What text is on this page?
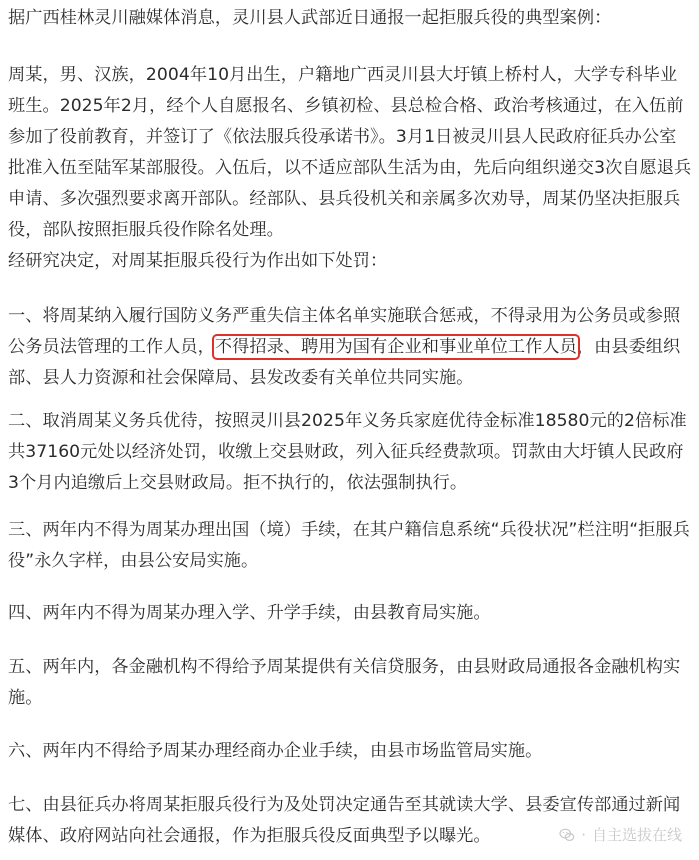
据广西桂林灵川融媒体消息，灵川县人武部近日通报一起拒服兵役的典型案例：

周某，男、汉族，2004年10月出生，户籍地广西灵川县大圩镇上桥村人，大学专科毕业班生。2025年2月，经个人自愿报名、乡镇初检、县总检合格、政治考核通过，在入伍前参加了役前教育，并签订了《依法服兵役承诺书》。3月1日被灵川县人民政府征兵办公室批准入伍至陆军某部服役。入伍后，以不适应部队生活为由，先后向组织递交3次自愿退兵申请、多次强烈要求离开部队。经部队、县兵役机关和亲属多次劝导，周某仍坚决拒服兵役，部队按照拒服兵役作除名处理。

经研究决定，对周某拒服兵役行为作出如下处罚：

一、将周某纳入履行国防义务严重失信主体名单实施联合惩戒，不得录用为公务员或参照公务员法管理的工作人员，不得招录、聘用为国有企业和事业单位工作人员，由县委组织部、县人力资源和社会保障局、县发改委有关单位共同实施。

二、取消周某义务兵优待，按照灵川县2025年义务兵家庭优待金标准18580元的2倍标准共37160元处以经济处罚，收缴上交县财政，列入征兵经费款项。罚款由大圩镇人民政府3个月内追缴后上交县财政局。拒不执行的，依法强制执行。

三、两年内不得为周某办理出国（境）手续，在其户籍信息系统“兵役状况”栏注明“拒服兵役”永久字样，由县公安局实施。

四、两年内不得为周某办理入学、升学手续，由县教育局实施。

五、两年内，各金融机构不得给予周某提供有关信贷服务，由县财政局通报各金融机构实施。

六、两年内不得给予周某办理经商办企业手续，由县市场监管局实施。

七、由县征兵办将周某拒服兵役行为及处罚决定通告至其就读大学、县委宣传部通过新闻媒体、政府网站向社会通报，作为拒服兵役反面典型予以曝光。	· 自主选拔在线
